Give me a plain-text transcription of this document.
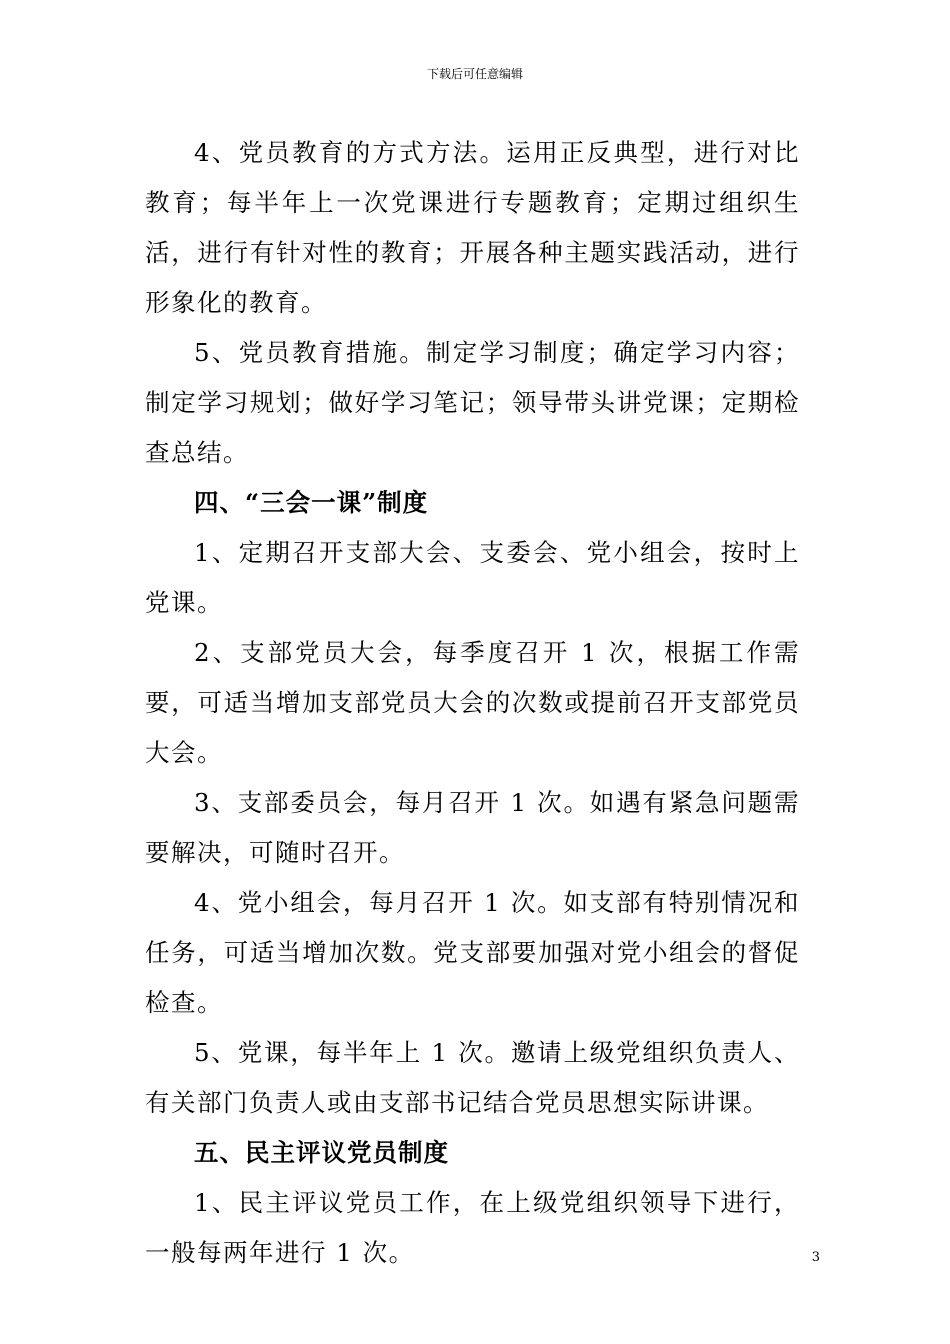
下载后可任意编辑

4、党员教育的方式方法。运用正反典型，进行对比教育；每半年上一次党课进行专题教育；定期过组织生活，进行有针对性的教育；开展各种主题实践活动，进行形象化的教育。

5、党员教育措施。制定学习制度；确定学习内容；制定学习规划；做好学习笔记；领导带头讲党课；定期检查总结。

四、“三会一课”制度

1、定期召开支部大会、支委会、党小组会，按时上党课。

2、支部党员大会，每季度召开 1 次，根据工作需要，可适当增加支部党员大会的次数或提前召开支部党员大会。

3、支部委员会，每月召开 1 次。如遇有紧急问题需要解决，可随时召开。

4、党小组会，每月召开 1 次。如支部有特别情况和任务，可适当增加次数。党支部要加强对党小组会的督促检查。

5、党课，每半年上 1 次。邀请上级党组织负责人、有关部门负责人或由支部书记结合党员思想实际讲课。

五、民主评议党员制度

1、民主评议党员工作，在上级党组织领导下进行，一般每两年进行 1 次。	3
